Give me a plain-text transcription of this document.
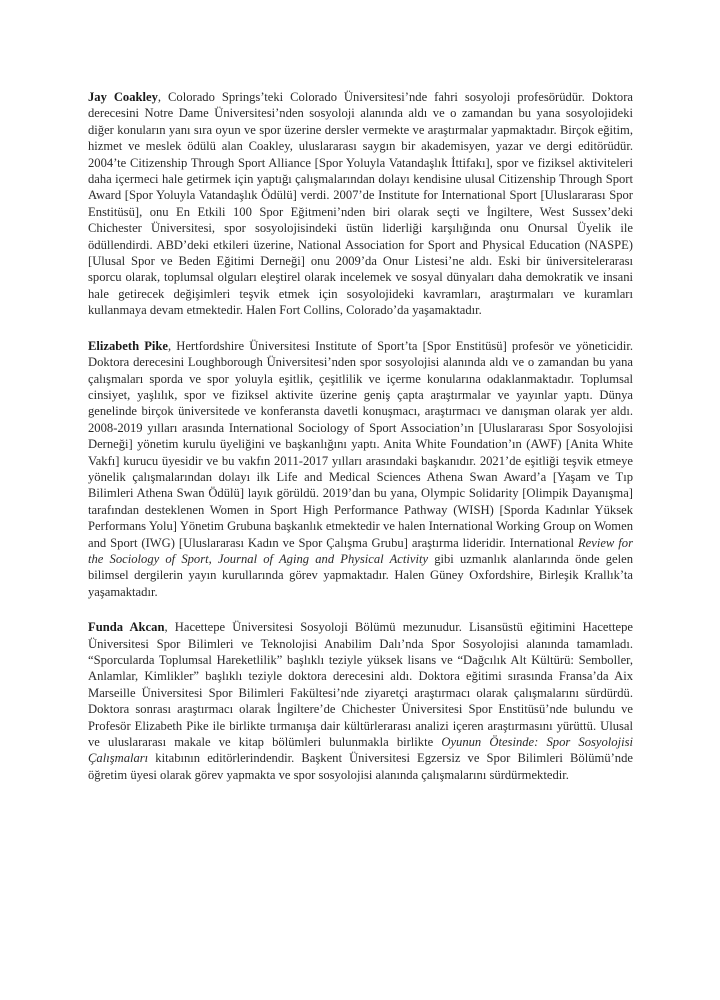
Jay Coakley, Colorado Springs’teki Colorado Üniversitesi’nde fahri sosyoloji profesörüdür. Doktora derecesini Notre Dame Üniversitesi’nden sosyoloji alanında aldı ve o zamandan bu yana sosyolojideki diğer konuların yanı sıra oyun ve spor üzerine dersler vermekte ve araştırmalar yapmaktadır. Birçok eğitim, hizmet ve meslek ödülü alan Coakley, uluslararası saygın bir akademisyen, yazar ve dergi editörüdür. 2004’te Citizenship Through Sport Alliance [Spor Yoluyla Vatandaşlık İttifakı], spor ve fiziksel aktiviteleri daha içermeci hale getirmek için yaptığı çalışmalarından dolayı kendisine ulusal Citizenship Through Sport Award [Spor Yoluyla Vatandaşlık Ödülü] verdi. 2007’de Institute for International Sport [Uluslararası Spor Enstitüsü], onu En Etkili 100 Spor Eğitmeni’nden biri olarak seçti ve İngiltere, West Sussex’deki Chichester Üniversitesi, spor sosyolojisindeki üstün liderliği karşılığında onu Onursal Üyelik ile ödüllendirdi. ABD’deki etkileri üzerine, National Association for Sport and Physical Education (NASPE) [Ulusal Spor ve Beden Eğitimi Derneği] onu 2009’da Onur Listesi’ne aldı. Eski bir üniversitelerarası sporcu olarak, toplumsal olguları eleştirel olarak incelemek ve sosyal dünyaları daha demokratik ve insani hale getirecek değişimleri teşvik etmek için sosyolojideki kavramları, araştırmaları ve kuramları kullanmaya devam etmektedir. Halen Fort Collins, Colorado’da yaşamaktadır.

Elizabeth Pike, Hertfordshire Üniversitesi Institute of Sport’ta [Spor Enstitüsü] profesör ve yöneticidir. Doktora derecesini Loughborough Üniversitesi’nden spor sosyolojisi alanında aldı ve o zamandan bu yana çalışmaları sporda ve spor yoluyla eşitlik, çeşitlilik ve içerme konularına odaklanmaktadır. Toplumsal cinsiyet, yaşlılık, spor ve fiziksel aktivite üzerine geniş çapta araştırmalar ve yayınlar yaptı. Dünya genelinde birçok üniversitede ve konferansta davetli konuşmacı, araştırmacı ve danışman olarak yer aldı. 2008-2019 yılları arasında International Sociology of Sport Association’ın [Uluslararası Spor Sosyolojisi Derneği] yönetim kurulu üyeliğini ve başkanlığını yaptı. Anita White Foundation’ın (AWF) [Anita White Vakfı] kurucu üyesidir ve bu vakfın 2011-2017 yılları arasındaki başkanıdır. 2021’de eşitliği teşvik etmeye yönelik çalışmalarından dolayı ilk Life and Medical Sciences Athena Swan Award’a [Yaşam ve Tıp Bilimleri Athena Swan Ödülü] layık görüldü. 2019’dan bu yana, Olympic Solidarity [Olimpik Dayanışma] tarafından desteklenen Women in Sport High Performance Pathway (WISH) [Sporda Kadınlar Yüksek Performans Yolu] Yönetim Grubuna başkanlık etmektedir ve halen International Working Group on Women and Sport (IWG) [Uluslararası Kadın ve Spor Çalışma Grubu] araştırma lideridir. International Review for the Sociology of Sport, Journal of Aging and Physical Activity gibi uzmanlık alanlarında önde gelen bilimsel dergilerin yayın kurullarında görev yapmaktadır. Halen Güney Oxfordshire, Birleşik Krallık’ta yaşamaktadır.

Funda Akcan, Hacettepe Üniversitesi Sosyoloji Bölümü mezunudur. Lisansüstü eğitimini Hacettepe Üniversitesi Spor Bilimleri ve Teknolojisi Anabilim Dalı’nda Spor Sosyolojisi alanında tamamladı. “Sporcularda Toplumsal Hareketlilik” başlıklı teziyle yüksek lisans ve “Dağcılık Alt Kültürü: Semboller, Anlamlar, Kimlikler” başlıklı teziyle doktora derecesini aldı. Doktora eğitimi sırasında Fransa’da Aix Marseille Üniversitesi Spor Bilimleri Fakültesi’nde ziyaretçi araştırmacı olarak çalışmalarını sürdürdü. Doktora sonrası araştırmacı olarak İngiltere’de Chichester Üniversitesi Spor Enstitüsü’nde bulundu ve Profesör Elizabeth Pike ile birlikte tırmanışa dair kültürlerarası analizi içeren araştırmasını yürüttü. Ulusal ve uluslararası makale ve kitap bölümleri bulunmakla birlikte Oyunun Ötesinde: Spor Sosyolojisi Çalışmaları kitabının editörlerindendir. Başkent Üniversitesi Egzersiz ve Spor Bilimleri Bölümü’nde öğretim üyesi olarak görev yapmakta ve spor sosyolojisi alanında çalışmalarını sürdürmektedir.
